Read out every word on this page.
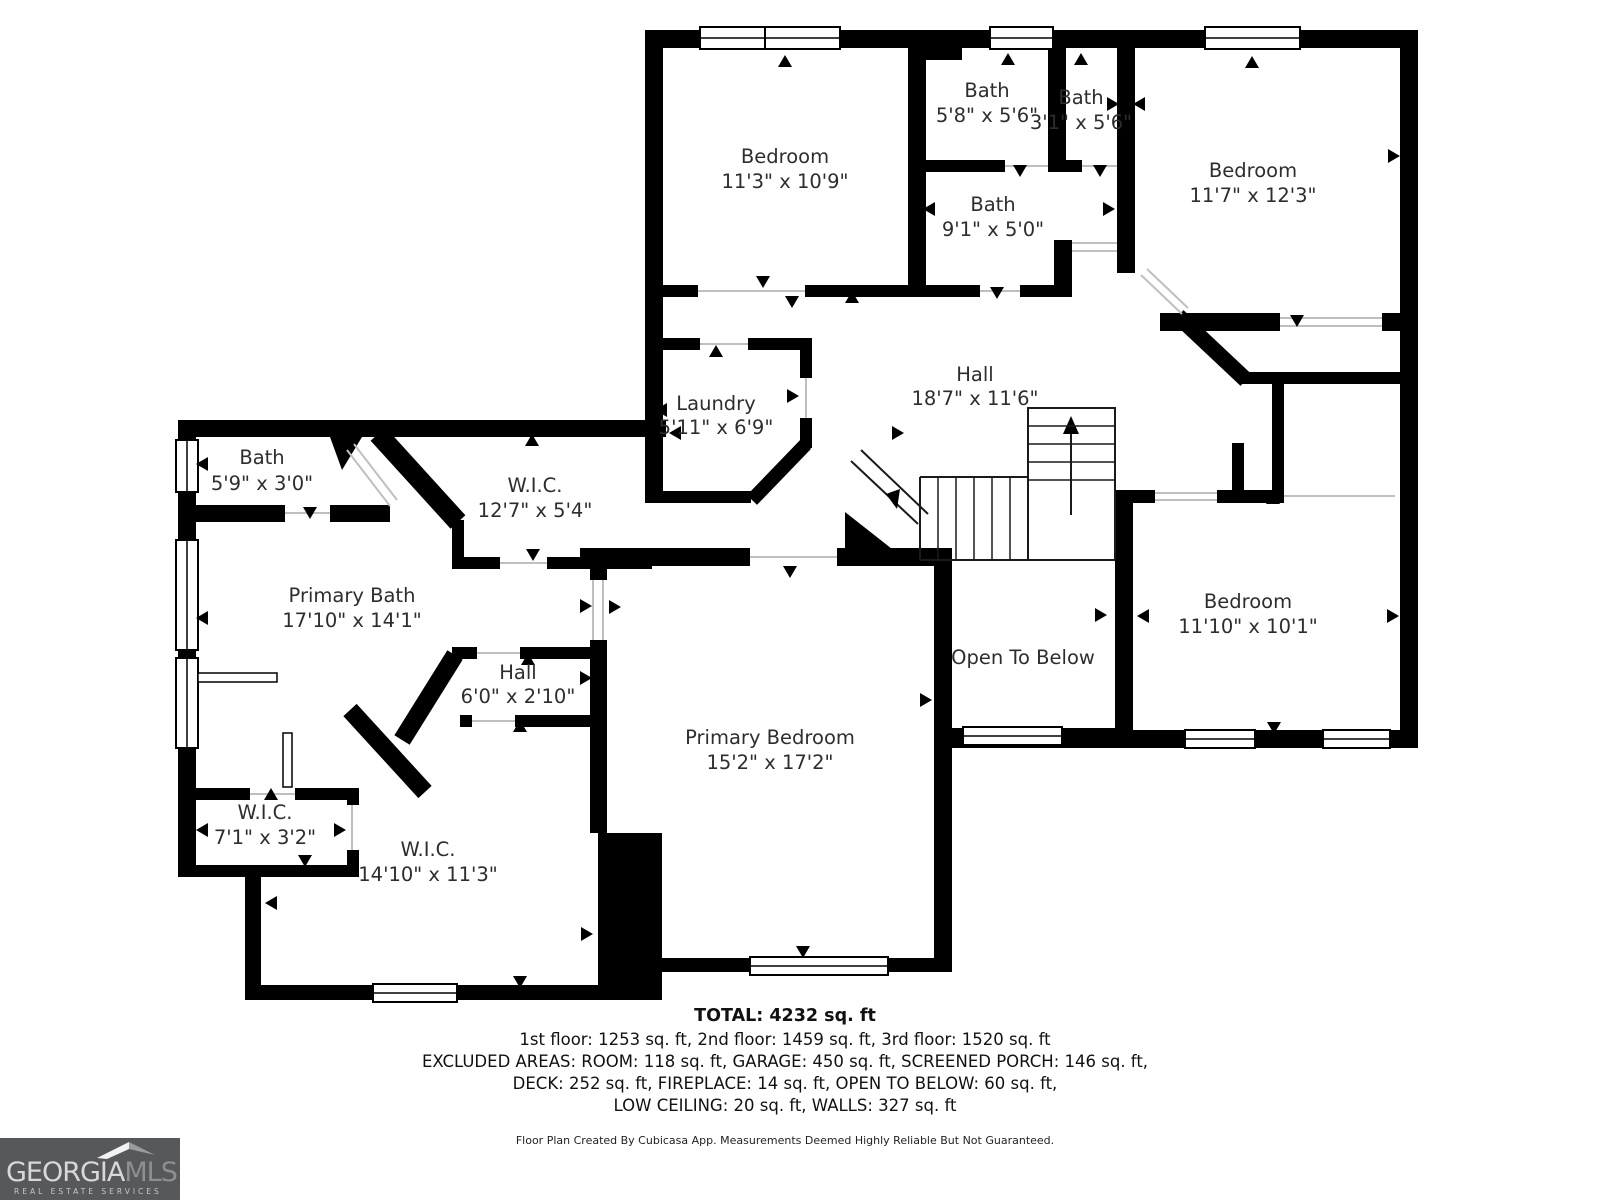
Bedroom
11'3" x 10'9"
Bath
5'8" x 5'6"
Bath
3'1" x 5'6"
Bath
9'1" x 5'0"
Bedroom
11'7" x 12'3"
Hall
18'7" x 11'6"
Laundry
5'11" x 6'9"
Bath
5'9" x 3'0"	W.I.C.
12'7" x 5'4"
Primary Bath
17'10" x 14'1"
Hall
6'0" x 2'10"
W.I.C.
7'1" x 3'2"
W.I.C.
14'10" x 11'3"
Primary Bedroom
15'2" x 17'2"
Open To Below
Bedroom
11'10" x 10'1"
TOTAL: 4232 sq. ft
1st floor: 1253 sq. ft, 2nd floor: 1459 sq. ft, 3rd floor: 1520 sq. ft
EXCLUDED AREAS: ROOM: 118 sq. ft, GARAGE: 450 sq. ft, SCREENED PORCH: 146 sq. ft,
DECK: 252 sq. ft, FIREPLACE: 14 sq. ft, OPEN TO BELOW: 60 sq. ft,
LOW CEILING: 20 sq. ft, WALLS: 327 sq. ft
Floor Plan Created By Cubicasa App. Measurements Deemed Highly Reliable But Not Guaranteed.
GEORGIAMLS
REAL ESTATE SERVICES
